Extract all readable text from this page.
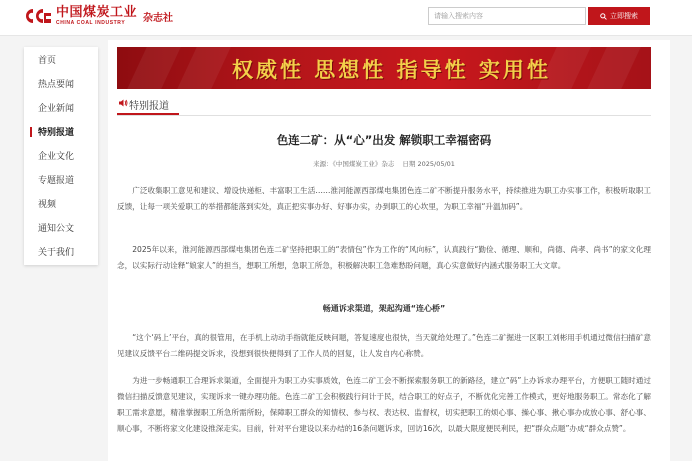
中国煤炭工业
CHINA COAL INDUSTRY	杂志社	请输入搜索内容	立即搜索
首页
热点要闻
企业新闻
特别报道
企业文化
专题报道
视频
通知公文
关于我们
权威性 思想性 指导性 实用性
特别报道
色连二矿：从“心”出发 解锁职工幸福密码
来源：《中国煤炭工业》杂志 日期 2025/05/01

广泛收集职工意见和建议、增设快递柜、丰富职工生活……淮河能源西部煤电集团色连二矿不断提升服务水平，持续推进为职工办实事工作，积极听取职工反馈，让每一项关爱职工的举措都能落到实处，真正把实事办好、好事办实，办到职工的心坎里，为职工幸福“升温加码”。

2025年以来，淮河能源西部煤电集团色连二矿坚持把职工的“表情包”作为工作的“风向标”，认真践行“勤俭、循理、顺和，尚德、尚孝、尚书”的家文化理念，以实际行动诠释“娘家人”的担当，想职工所想，急职工所急，积极解决职工急难愁盼问题，真心实意做好内涵式服务职工大文章。

畅通诉求渠道，架起沟通“连心桥”

“这个‘码上’平台，真的很管用，在手机上动动手指就能反映问题，答复速度也很快，当天就给处理了。”色连二矿掘进一区职工刘彬用手机通过微信扫描矿意见建议反馈平台二维码提交诉求，没想到很快便得到了工作人员的回复，让人发自内心称赞。

为进一步畅通职工合理诉求渠道，全面提升为职工办实事质效，色连二矿工会不断探索服务职工的新路径，建立“码”上办诉求办理平台，方便职工随时通过微信扫描反馈意见建议，实现诉求一键办理功能。色连二矿工会积极践行问计于民，结合职工的好点子，不断优化完善工作模式，更好地服务职工。常态化了解职工需求意愿，精准掌握职工所急所需所盼，保障职工群众的知情权、参与权、表达权、监督权，切实把职工的烦心事、操心事、揪心事办成放心事、舒心事、顺心事，不断将家文化建设推深走实。目前，针对平台建设以来办结的16条问题诉求，回访16次，以最大限度便民利民，把“群众点题”办成“群众点赞”。
